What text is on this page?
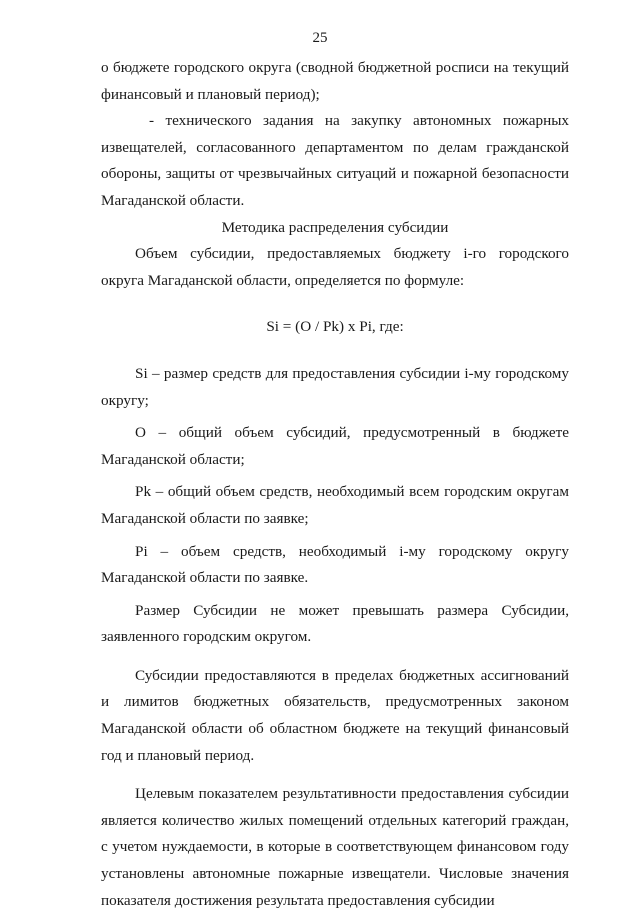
25

о бюджете городского округа (сводной бюджетной росписи на текущий финансовый и плановый период);

- технического задания на закупку автономных пожарных извещателей, согласованного департаментом по делам гражданской обороны, защиты от чрезвычайных ситуаций и пожарной безопасности Магаданской области.

Методика распределения субсидии

Объем субсидии, предоставляемых бюджету i-го городского округа Магаданской области, определяется по формуле:

Si = (O / Pk) x Pi, где:

Si – размер средств для предоставления субсидии i-му городскому округу;

O – общий объем субсидий, предусмотренный в бюджете Магаданской области;

Pk – общий объем средств, необходимый всем городским округам Магаданской области по заявке;

Pi – объем средств, необходимый i-му городскому округу Магаданской области по заявке.

Размер Субсидии не может превышать размера Субсидии, заявленного городским округом.

Субсидии предоставляются в пределах бюджетных ассигнований и лимитов бюджетных обязательств, предусмотренных законом Магаданской области об областном бюджете на текущий финансовый год и плановый период.

Целевым показателем результативности предоставления субсидии является количество жилых помещений отдельных категорий граждан, с учетом нуждаемости, в которые в соответствующем финансовом году установлены автономные пожарные извещатели. Числовые значения показателя достижения результата предоставления субсидии
